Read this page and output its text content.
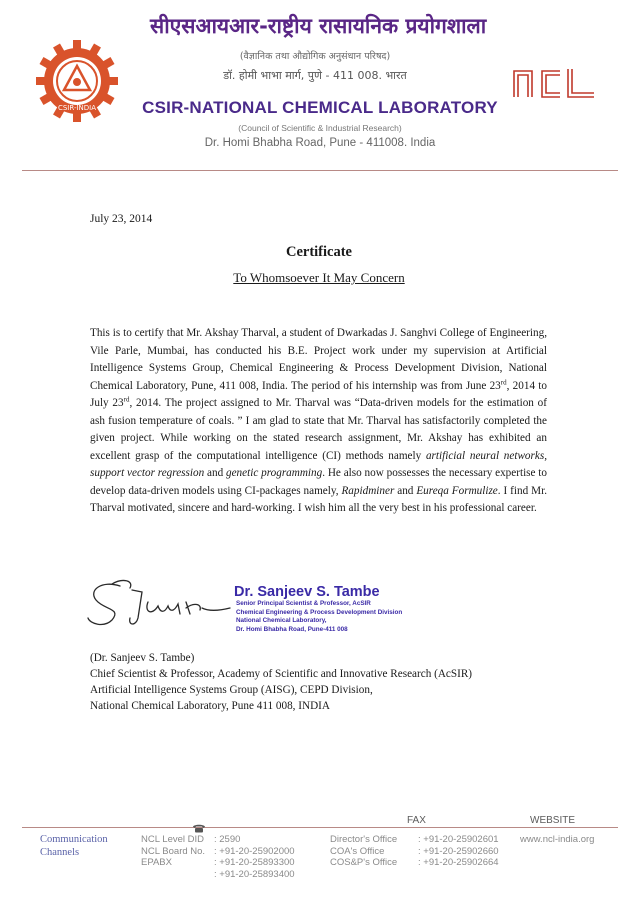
CSIR-INDIA
सीएसआयआर-राष्ट्रीय रासायनिक प्रयोगशाला
(वैज्ञानिक तथा औद्योगिक अनुसंधान परिषद)
डॉ. होमी भाभा मार्ग, पुणे - 411 008. भारत
CSIR-NATIONAL CHEMICAL LABORATORY
(Council of Scientific & Industrial Research)
Dr. Homi Bhabha Road, Pune - 411008. India
ncl
July 23, 2014
Certificate
To Whomsoever It May Concern
This is to certify that Mr. Akshay Tharval, a student of Dwarkadas J. Sanghvi College of Engineering, Vile Parle, Mumbai, has conducted his B.E. Project work under my supervision at Artificial Intelligence Systems Group, Chemical Engineering & Process Development Division, National Chemical Laboratory, Pune, 411 008, India. The period of his internship was from June 23rd, 2014 to July 23rd, 2014. The project assigned to Mr. Tharval was “Data-driven models for the estimation of ash fusion temperature of coals. ” I am glad to state that Mr. Tharval has satisfactorily completed the given project. While working on the stated research assignment, Mr. Akshay has exhibited an excellent grasp of the computational intelligence (CI) methods namely artificial neural networks, support vector regression and genetic programming. He also now possesses the necessary expertise to develop data-driven models using CI-packages namely, Rapidminer and Eureqa Formulize. I find Mr. Tharval motivated, sincere and hard-working. I wish him all the very best in his professional career.
Dr. Sanjeev S. Tambe
Senior Principal Scientist & Professor, AcSIR
Chemical Engineering & Process Development Division
National Chemical Laboratory,
Dr. Homi Bhabha Road, Pune-411 008
(Dr. Sanjeev S. Tambe)
Chief Scientist & Professor, Academy of Scientific and Innovative Research (AcSIR)
Artificial Intelligence Systems Group (AISG), CEPD Division,
National Chemical Laboratory, Pune 411 008, INDIA
Communication
Channels
FAX	WEBSITE
NCL Level DID	: 2590
NCL Board No. : +91-20-25902000
EPABX	: +91-20-25893300
: +91-20-25893400
Director's Office	: +91-20-25902601
COA's Office	: +91-20-25902660
COS&P's Office	: +91-20-25902664
www.ncl-india.org
